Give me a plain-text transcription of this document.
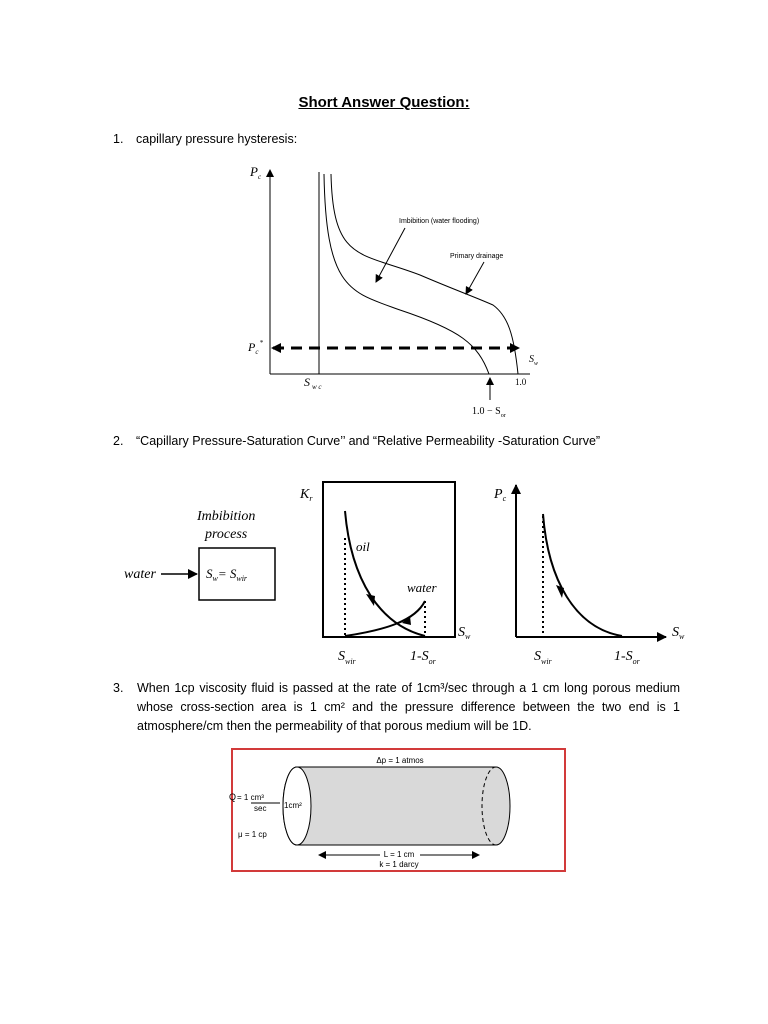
Short Answer Question:
1. capillary pressure hysteresis:
$P_c$
$P_c^*$
$S_w$
S $_{w c}$	1.0
$1.0 - S_{or}$
Imbibition (water flooding)
Primary drainage
2. “Capillary Pressure-Saturation Curve’’ and “Relative Permeability -Saturation Curve”
Imbibition
process
water	$S_w= S_{wir}$
$K_r$
oil
water
$S_w$
$S_{wir}$	$1-S_{or}$
$P_c$
$S_w$
$S_{wir}$	$1-S_{or}$
3.	When 1cp viscosity fluid is passed at the rate of 1cm³/sec through a 1 cm long porous medium whose cross-section area is 1 cm² and the pressure difference between the two end is 1 atmosphere/cm then the permeability of that porous medium will be 1D.
Δp = 1 atmos
Q = 1 cm³
sec 1cm²
μ = 1 cp
L = 1 cm
k = 1 darcy
